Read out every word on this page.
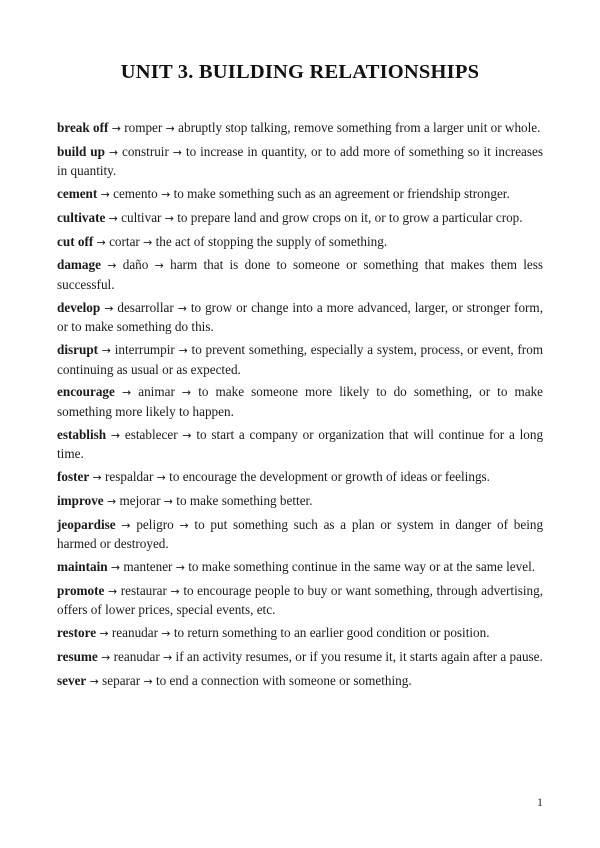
UNIT 3. BUILDING RELATIONSHIPS

break off → romper → abruptly stop talking, remove something from a larger unit or whole.

build up → construir → to increase in quantity, or to add more of something so it increases in quantity.

cement → cemento → to make something such as an agreement or friendship stronger.

cultivate → cultivar → to prepare land and grow crops on it, or to grow a particular crop.

cut off → cortar → the act of stopping the supply of something.

damage → daño → harm that is done to someone or something that makes them less successful.

develop → desarrollar → to grow or change into a more advanced, larger, or stronger form, or to make something do this.

disrupt → interrumpir → to prevent something, especially a system, process, or event, from continuing as usual or as expected.

encourage → animar → to make someone more likely to do something, or to make something more likely to happen.

establish → establecer → to start a company or organization that will continue for a long time.

foster → respaldar → to encourage the development or growth of ideas or feelings.

improve → mejorar → to make something better.

jeopardise → peligro → to put something such as a plan or system in danger of being harmed or destroyed.

maintain → mantener → to make something continue in the same way or at the same level.

promote → restaurar → to encourage people to buy or want something, through advertising, offers of lower prices, special events, etc.

restore → reanudar → to return something to an earlier good condition or position.

resume → reanudar → if an activity resumes, or if you resume it, it starts again after a pause.

sever → separar → to end a connection with someone or something.

1
